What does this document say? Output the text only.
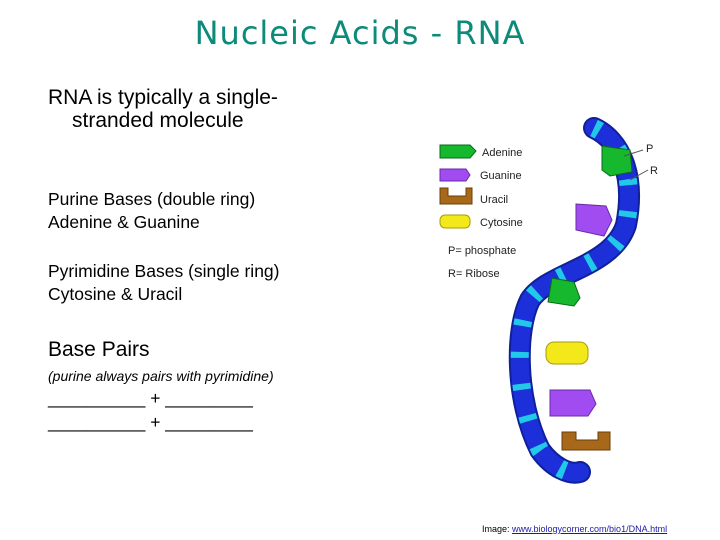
Nucleic Acids - RNA
RNA is typically a single-
stranded molecule
Purine Bases (double ring)
Adenine & Guanine
Pyrimidine Bases (single ring)
Cytosine & Uracil
Base Pairs
(purine always pairs with pyrimidine)
__________ + _________
__________ + _________
Adenine
Guanine
Uracil
Cytosine
P= phosphate
R= Ribose
P
R
Image: www.biologycorner.com/bio1/DNA.html
